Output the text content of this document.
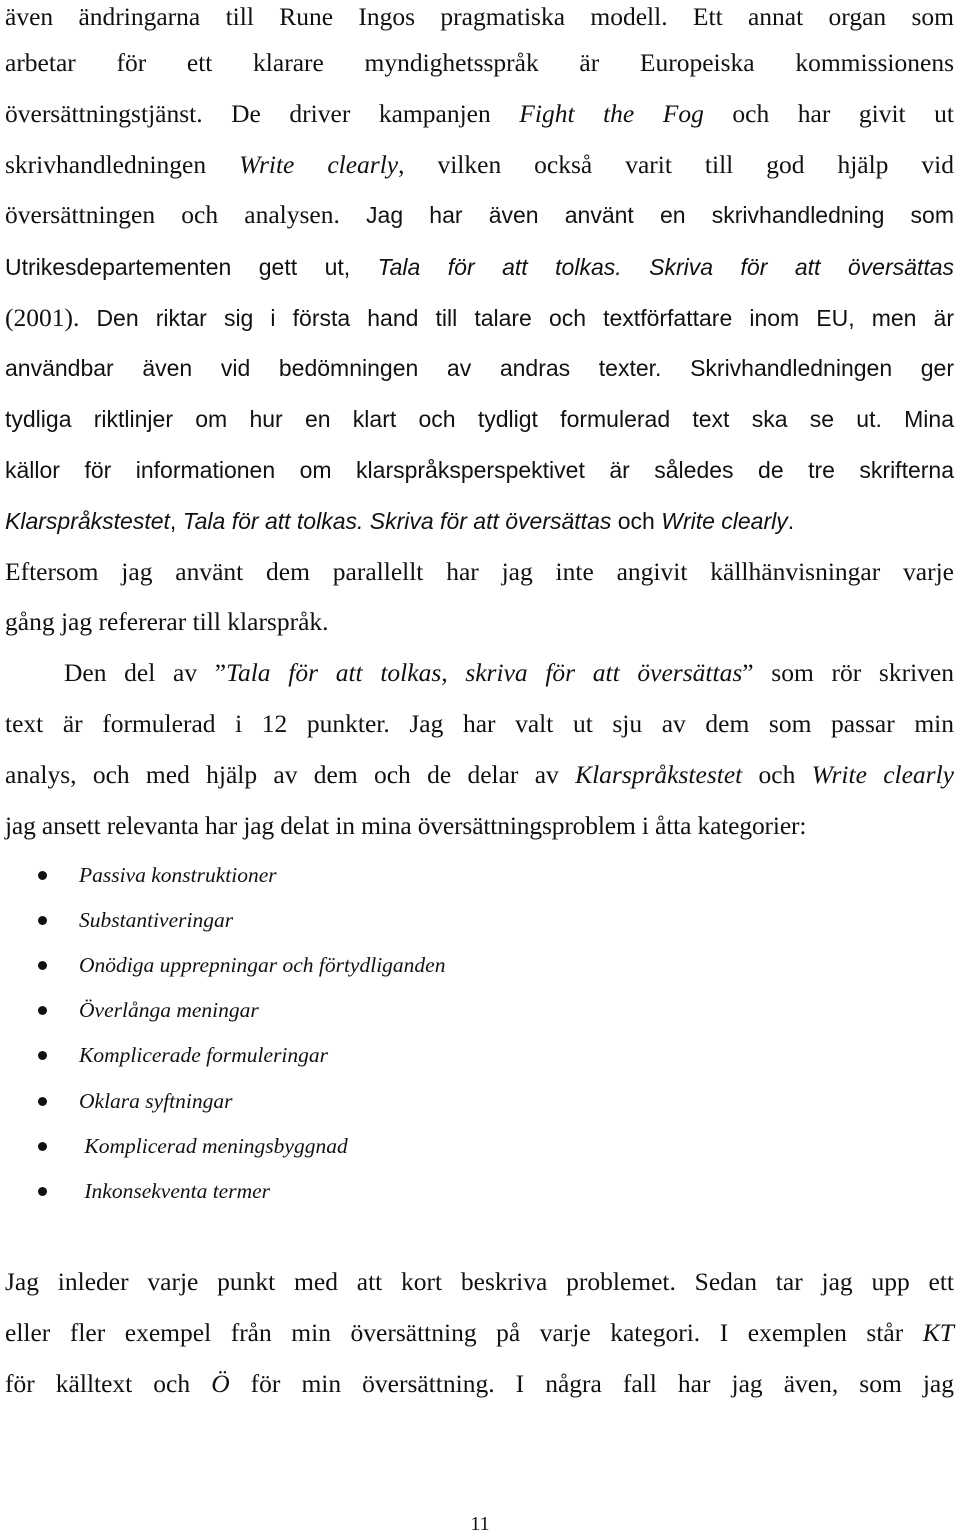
även ändringarna till Rune Ingos pragmatiska modell. Ett annat organ som
arbetar för ett klarare myndighetsspråk är Europeiska kommissionens
översättningstjänst. De driver kampanjen Fight the Fog och har givit ut
skrivhandledningen Write clearly, vilken också varit till god hjälp vid
översättningen och analysen. Jag har även använt en skrivhandledning som
Utrikesdepartementen gett ut, Tala för att tolkas. Skriva för att översättas
(2001). Den riktar sig i första hand till talare och textförfattare inom EU, men är
användbar även vid bedömningen av andras texter. Skrivhandledningen ger
tydliga riktlinjer om hur en klart och tydligt formulerad text ska se ut. Mina
källor för informationen om klarspråksperspektivet är således de tre skrifterna
Klarspråkstestet, Tala för att tolkas. Skriva för att översättas och Write clearly.
Eftersom jag använt dem parallellt har jag inte angivit källhänvisningar varje
gång jag refererar till klarspråk.
Den del av ”Tala för att tolkas, skriva för att översättas” som rör skriven
text är formulerad i 12 punkter. Jag har valt ut sju av dem som passar min
analys, och med hjälp av dem och de delar av Klarspråkstestet och Write clearly
jag ansett relevanta har jag delat in mina översättningsproblem i åtta kategorier:
Passiva konstruktioner
Substantiveringar
Onödiga upprepningar och förtydliganden
Överlånga meningar
Komplicerade formuleringar
Oklara syftningar
Komplicerad meningsbyggnad
Inkonsekventa termer
Jag inleder varje punkt med att kort beskriva problemet. Sedan tar jag upp ett
eller fler exempel från min översättning på varje kategori. I exemplen står KT
för källtext och Ö för min översättning. I några fall har jag även, som jag
11
